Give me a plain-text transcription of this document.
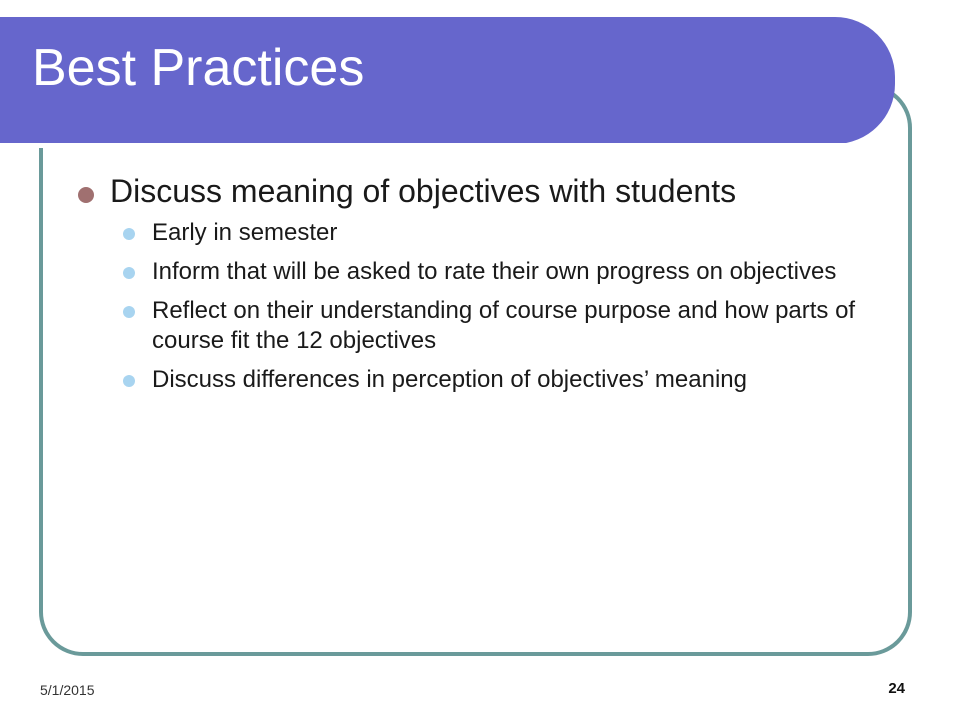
Best Practices
Discuss meaning of objectives with students
Early in semester
Inform that will be asked to rate their own progress on objectives
Reflect on their understanding of course purpose and how parts of course fit the 12 objectives
Discuss differences in perception of objectives’ meaning
5/1/2015	24
